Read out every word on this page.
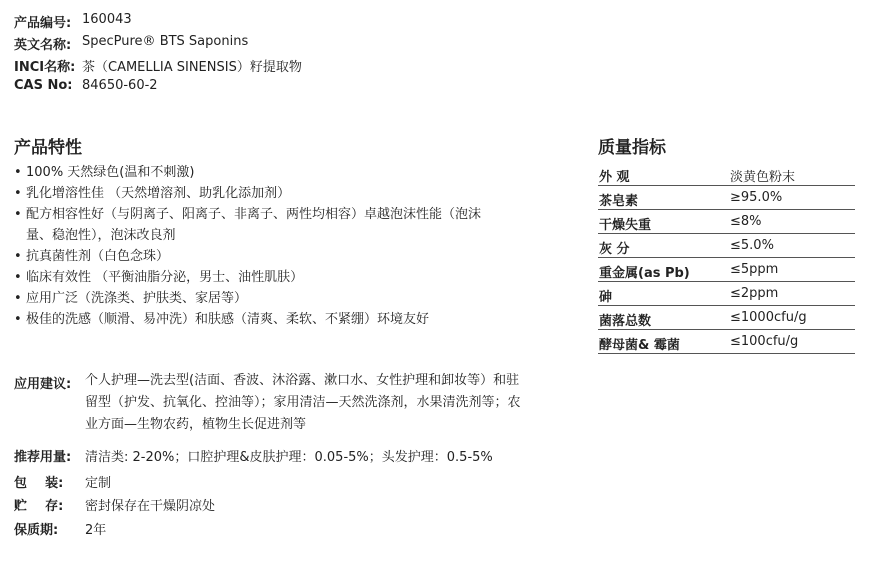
产品编号: 160043
英文名称: SpecPure® BTS Saponins
INCI名称: 茶（CAMELLIA SINENSIS）籽提取物
CAS No: 84650-60-2
产品特性
• 100% 天然绿色(温和不刺激)
• 乳化增溶性佳 （天然增溶剂、助乳化添加剂）
• 配方相容性好（与阴离子、阳离子、非离子、两性均相容）卓越泡沫性能（泡沫量、稳泡性），泡沫改良剂
• 抗真菌性剂（白色念珠）
• 临床有效性 （平衡油脂分泌，男士、油性肌肤）
• 应用广泛（洗涤类、护肤类、家居等）
• 极佳的洗感（顺滑、易冲洗）和肤感（清爽、柔软、不紧绷）环境友好
质量指标
外 观	淡黄色粉末
茶皂素	≥95.0%
干燥失重	≤8%
灰 分	≤5.0%
重金属(as Pb)	≤5ppm
砷	≤2ppm
菌落总数	≤1000cfu/g
酵母菌& 霉菌	≤100cfu/g
应用建议: 个人护理—洗去型(洁面、香波、沐浴露、漱口水、女性护理和卸妆等）和驻留型（护发、抗氧化、控油等）；家用清洁—天然洗涤剂，水果清洗剂等；农业方面—生物农药，植物生长促进剂等
推荐用量: 清洁类: 2-20%；口腔护理&皮肤护理：0.05-5%；头发护理：0.5-5%
包    装: 定制
贮    存: 密封保存在干燥阴凉处
保质期: 2年
